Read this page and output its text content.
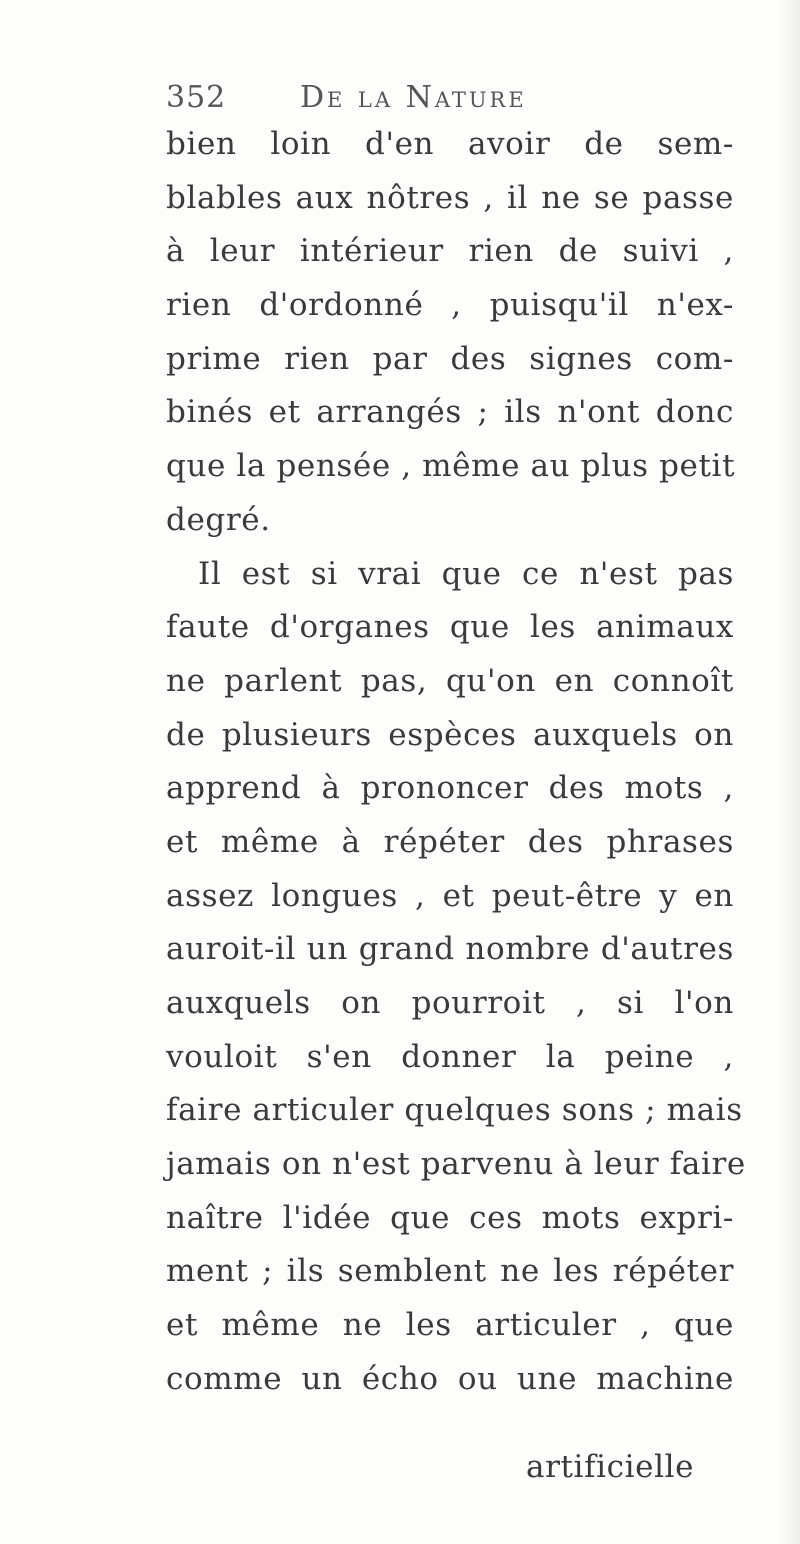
352 De la Nature
bien loin d'en avoir de sem-
blables aux nôtres , il ne se passe
à leur intérieur rien de suivi ,
rien d'ordonné , puisqu'il n'ex-
prime rien par des signes com-
binés et arrangés ; ils n'ont donc
que la pensée , même au plus petit
degré.
Il est si vrai que ce n'est pas
faute d'organes que les animaux
ne parlent pas, qu'on en connoît
de plusieurs espèces auxquels on
apprend à prononcer des mots ,
et même à répéter des phrases
assez longues , et peut-être y en
auroit-il un grand nombre d'autres
auxquels on pourroit , si l'on
vouloit s'en donner la peine ,
faire articuler quelques sons ; mais
jamais on n'est parvenu à leur faire
naître l'idée que ces mots expri-
ment ; ils semblent ne les répéter
et même ne les articuler , que
comme un écho ou une machine
artificielle
